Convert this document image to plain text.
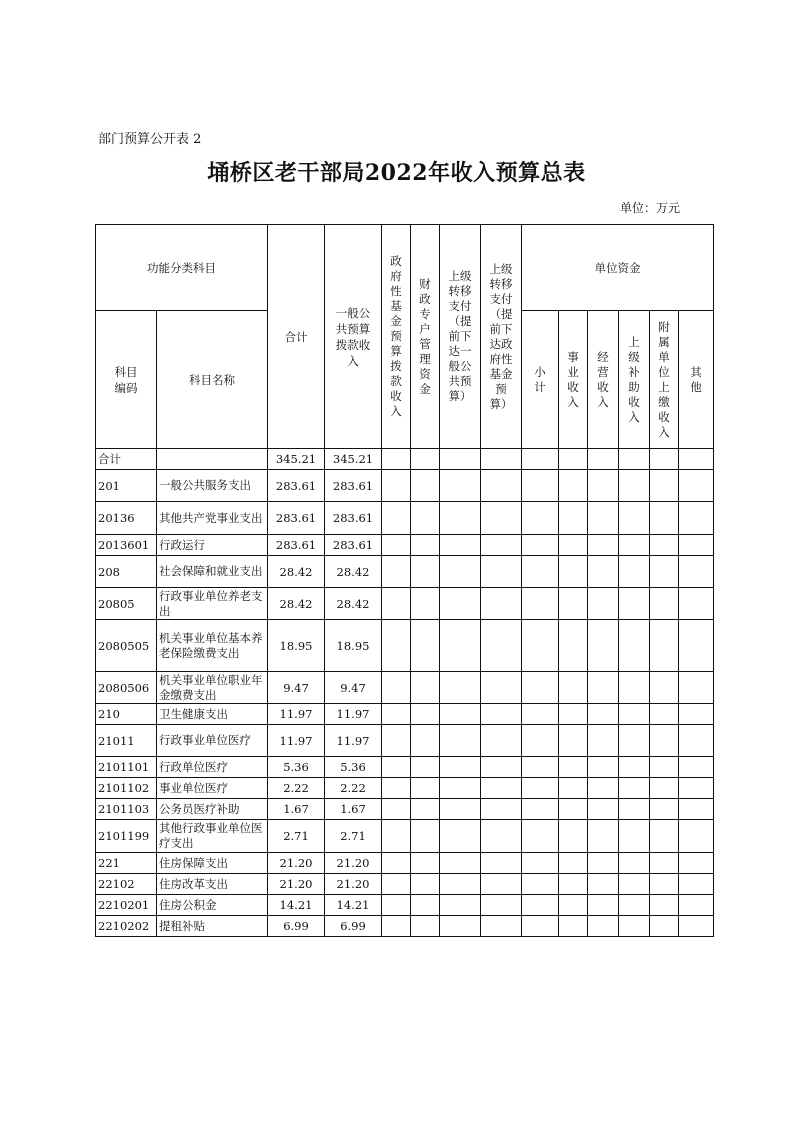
部门预算公开表 2
埇桥区老干部局2022年收入预算总表
单位：万元
功能分类科目		合计	一般公共预算拨款收入	政府性基金预算拨款收入	财政专户管理资金	上级转移支付（提前下达一般公共预算）	上级转移支付（提前下达政府性基金预算）	单位资金					

科目编码	科目名称							小计	事业收入	经营收入	上级补助收入	附属单位上缴收入	其他

合计		345.21	345.21										
201	一般公共服务支出	283.61	283.61										
20136	其他共产党事业支出	283.61	283.61										
2013601	行政运行	283.61	283.61										
208	社会保障和就业支出	28.42	28.42										
20805	行政事业单位养老支出	28.42	28.42										
2080505	机关事业单位基本养老保险缴费支出	18.95	18.95										
2080506	机关事业单位职业年金缴费支出	9.47	9.47										
210	卫生健康支出	11.97	11.97										
21011	行政事业单位医疗	11.97	11.97										
2101101	行政单位医疗	5.36	5.36										
2101102	事业单位医疗	2.22	2.22										
2101103	公务员医疗补助	1.67	1.67										
2101199	其他行政事业单位医疗支出	2.71	2.71										
221	住房保障支出	21.20	21.20										
22102	住房改革支出	21.20	21.20										
2210201	住房公积金	14.21	14.21										
2210202	提租补贴	6.99	6.99										
